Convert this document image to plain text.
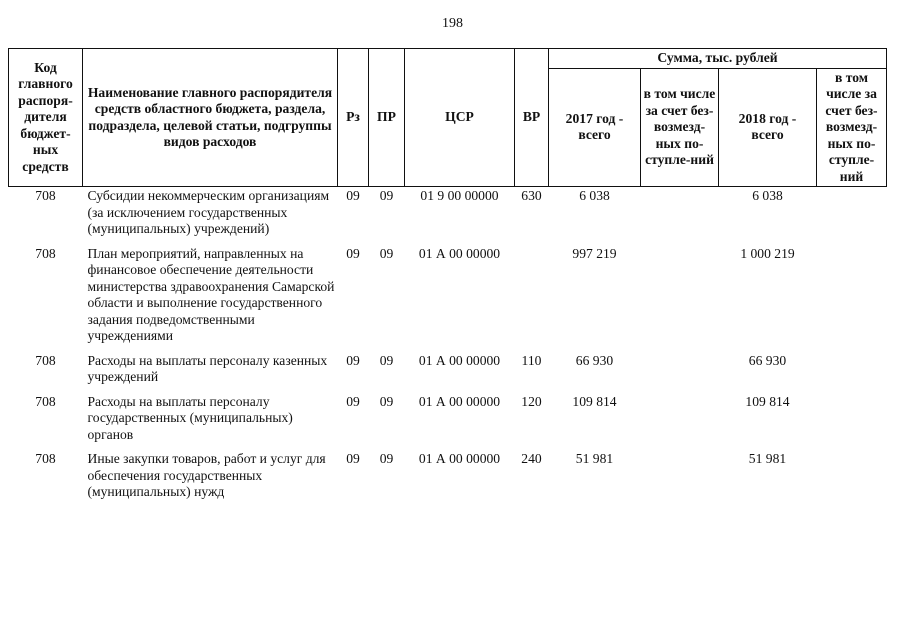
198
Код главного распоря-дителя бюджет-ных средств	Наименование главного распорядителя средств областного бюджета, раздела, подраздела, целевой статьи, подгруппы видов расходов	Рз	ПР	ЦСР	ВР	Сумма, тыс. рублей			
						2017 год - всего	в том числе за счет без-возмезд-ных по-ступле-ний	2018 год - всего	в том числе за счет без-возмезд-ных по-ступле-ний
708	Субсидии некоммерческим организациям (за исключением государственных (муниципальных) учреждений)	09	09	01 9 00 00000	630	6 038		6 038	
708	План мероприятий, направленных на финансовое обеспечение деятельности министерства здравоохранения Самарской области и выполнение государственного задания подведомственными учреждениями	09	09	01 А 00 00000		997 219		1 000 219	
708	Расходы на выплаты персоналу казенных учреждений	09	09	01 А 00 00000	110	66 930		66 930	
708	Расходы на выплаты персоналу государственных (муниципальных) органов	09	09	01 А 00 00000	120	109 814		109 814	
708	Иные закупки товаров, работ и услуг для обеспечения государственных (муниципальных) нужд	09	09	01 А 00 00000	240	51 981		51 981	
